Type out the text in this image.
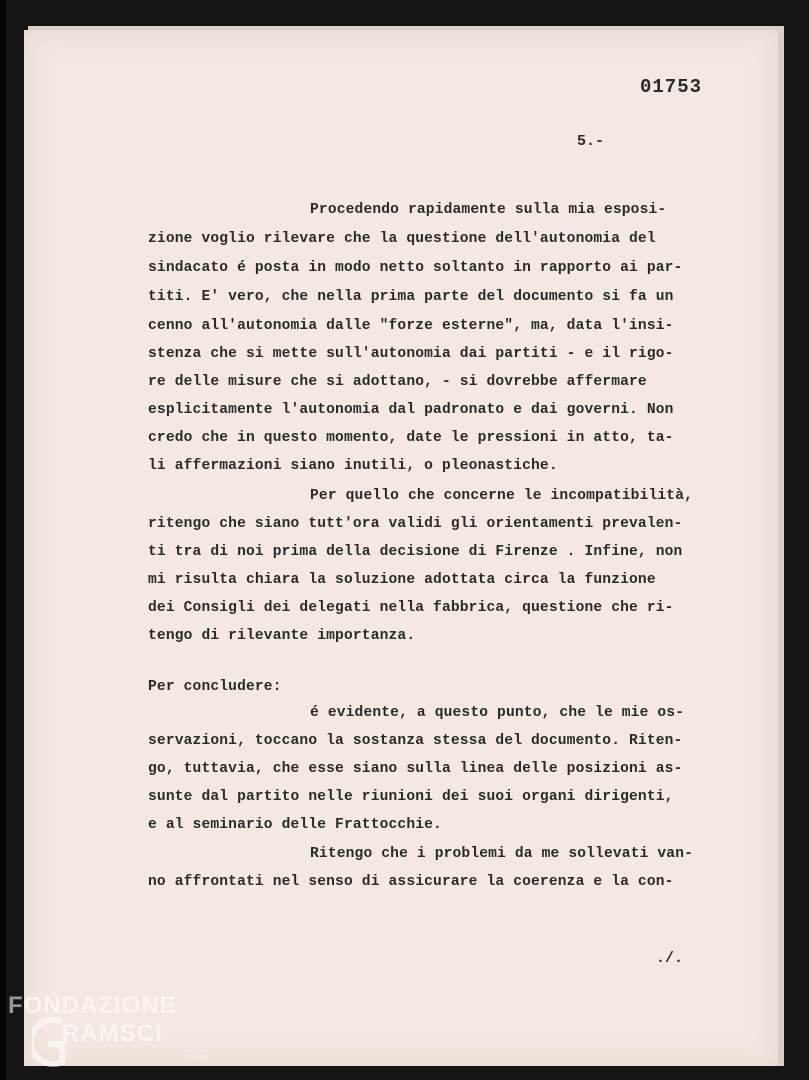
01753
5.-
Procedendo rapidamente sulla mia esposi-
zione voglio rilevare che la questione dell'autonomia del
sindacato é posta in modo netto soltanto in rapporto ai par-
titi. E' vero, che nella prima parte del documento si fa un
cenno all'autonomia dalle "forze esterne", ma, data l'insi-
stenza che si mette sull'autonomia dai partiti - e il rigo-
re delle misure che si adottano, - si dovrebbe affermare
esplicitamente l'autonomia dal padronato e dai governi. Non
credo che in questo momento, date le pressioni in atto, ta-
li affermazioni siano inutili, o pleonastiche.
Per quello che concerne le incompatibilità,
ritengo che siano tutt'ora validi gli orientamenti prevalen-
ti tra di noi prima della decisione di Firenze . Infine, non
mi risulta chiara la soluzione adottata circa la funzione
dei Consigli dei delegati nella fabbrica, questione che ri-
tengo di rilevante importanza.
Per concludere:
é evidente, a questo punto, che le mie os-
servazioni, toccano la sostanza stessa del documento. Riten-
go, tuttavia, che esse siano sulla linea delle posizioni as-
sunte dal partito nelle riunioni dei suoi organi dirigenti,
e al seminario delle Frattocchie.
Ritengo che i problemi da me sollevati van-
no affrontati nel senso di assicurare la coerenza e la con-
./.
FONDAZIONE
RAMSCI
onlus
